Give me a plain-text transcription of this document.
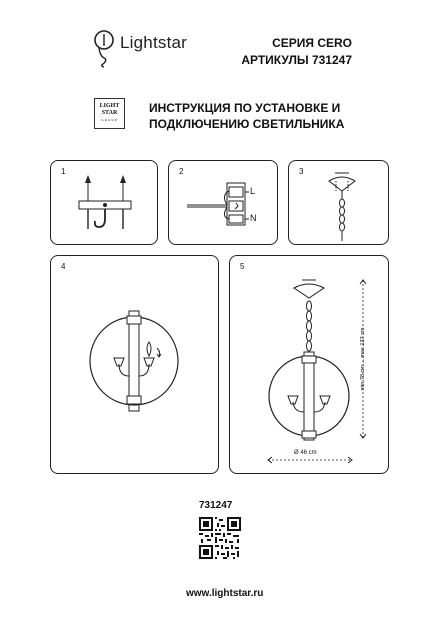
Lightstar	СЕРИЯ CERO
АРТИКУЛЫ 731247
LIGHT
STAR
GROUP
ИНСТРУКЦИЯ ПО УСТАНОВКЕ И
ПОДКЛЮЧЕНИЮ СВЕТИЛЬНИКА
1	2
L
N
3
4	5
min 78 cm ... max 137 cm
Ø 46 cm
731247
www.lightstar.ru
